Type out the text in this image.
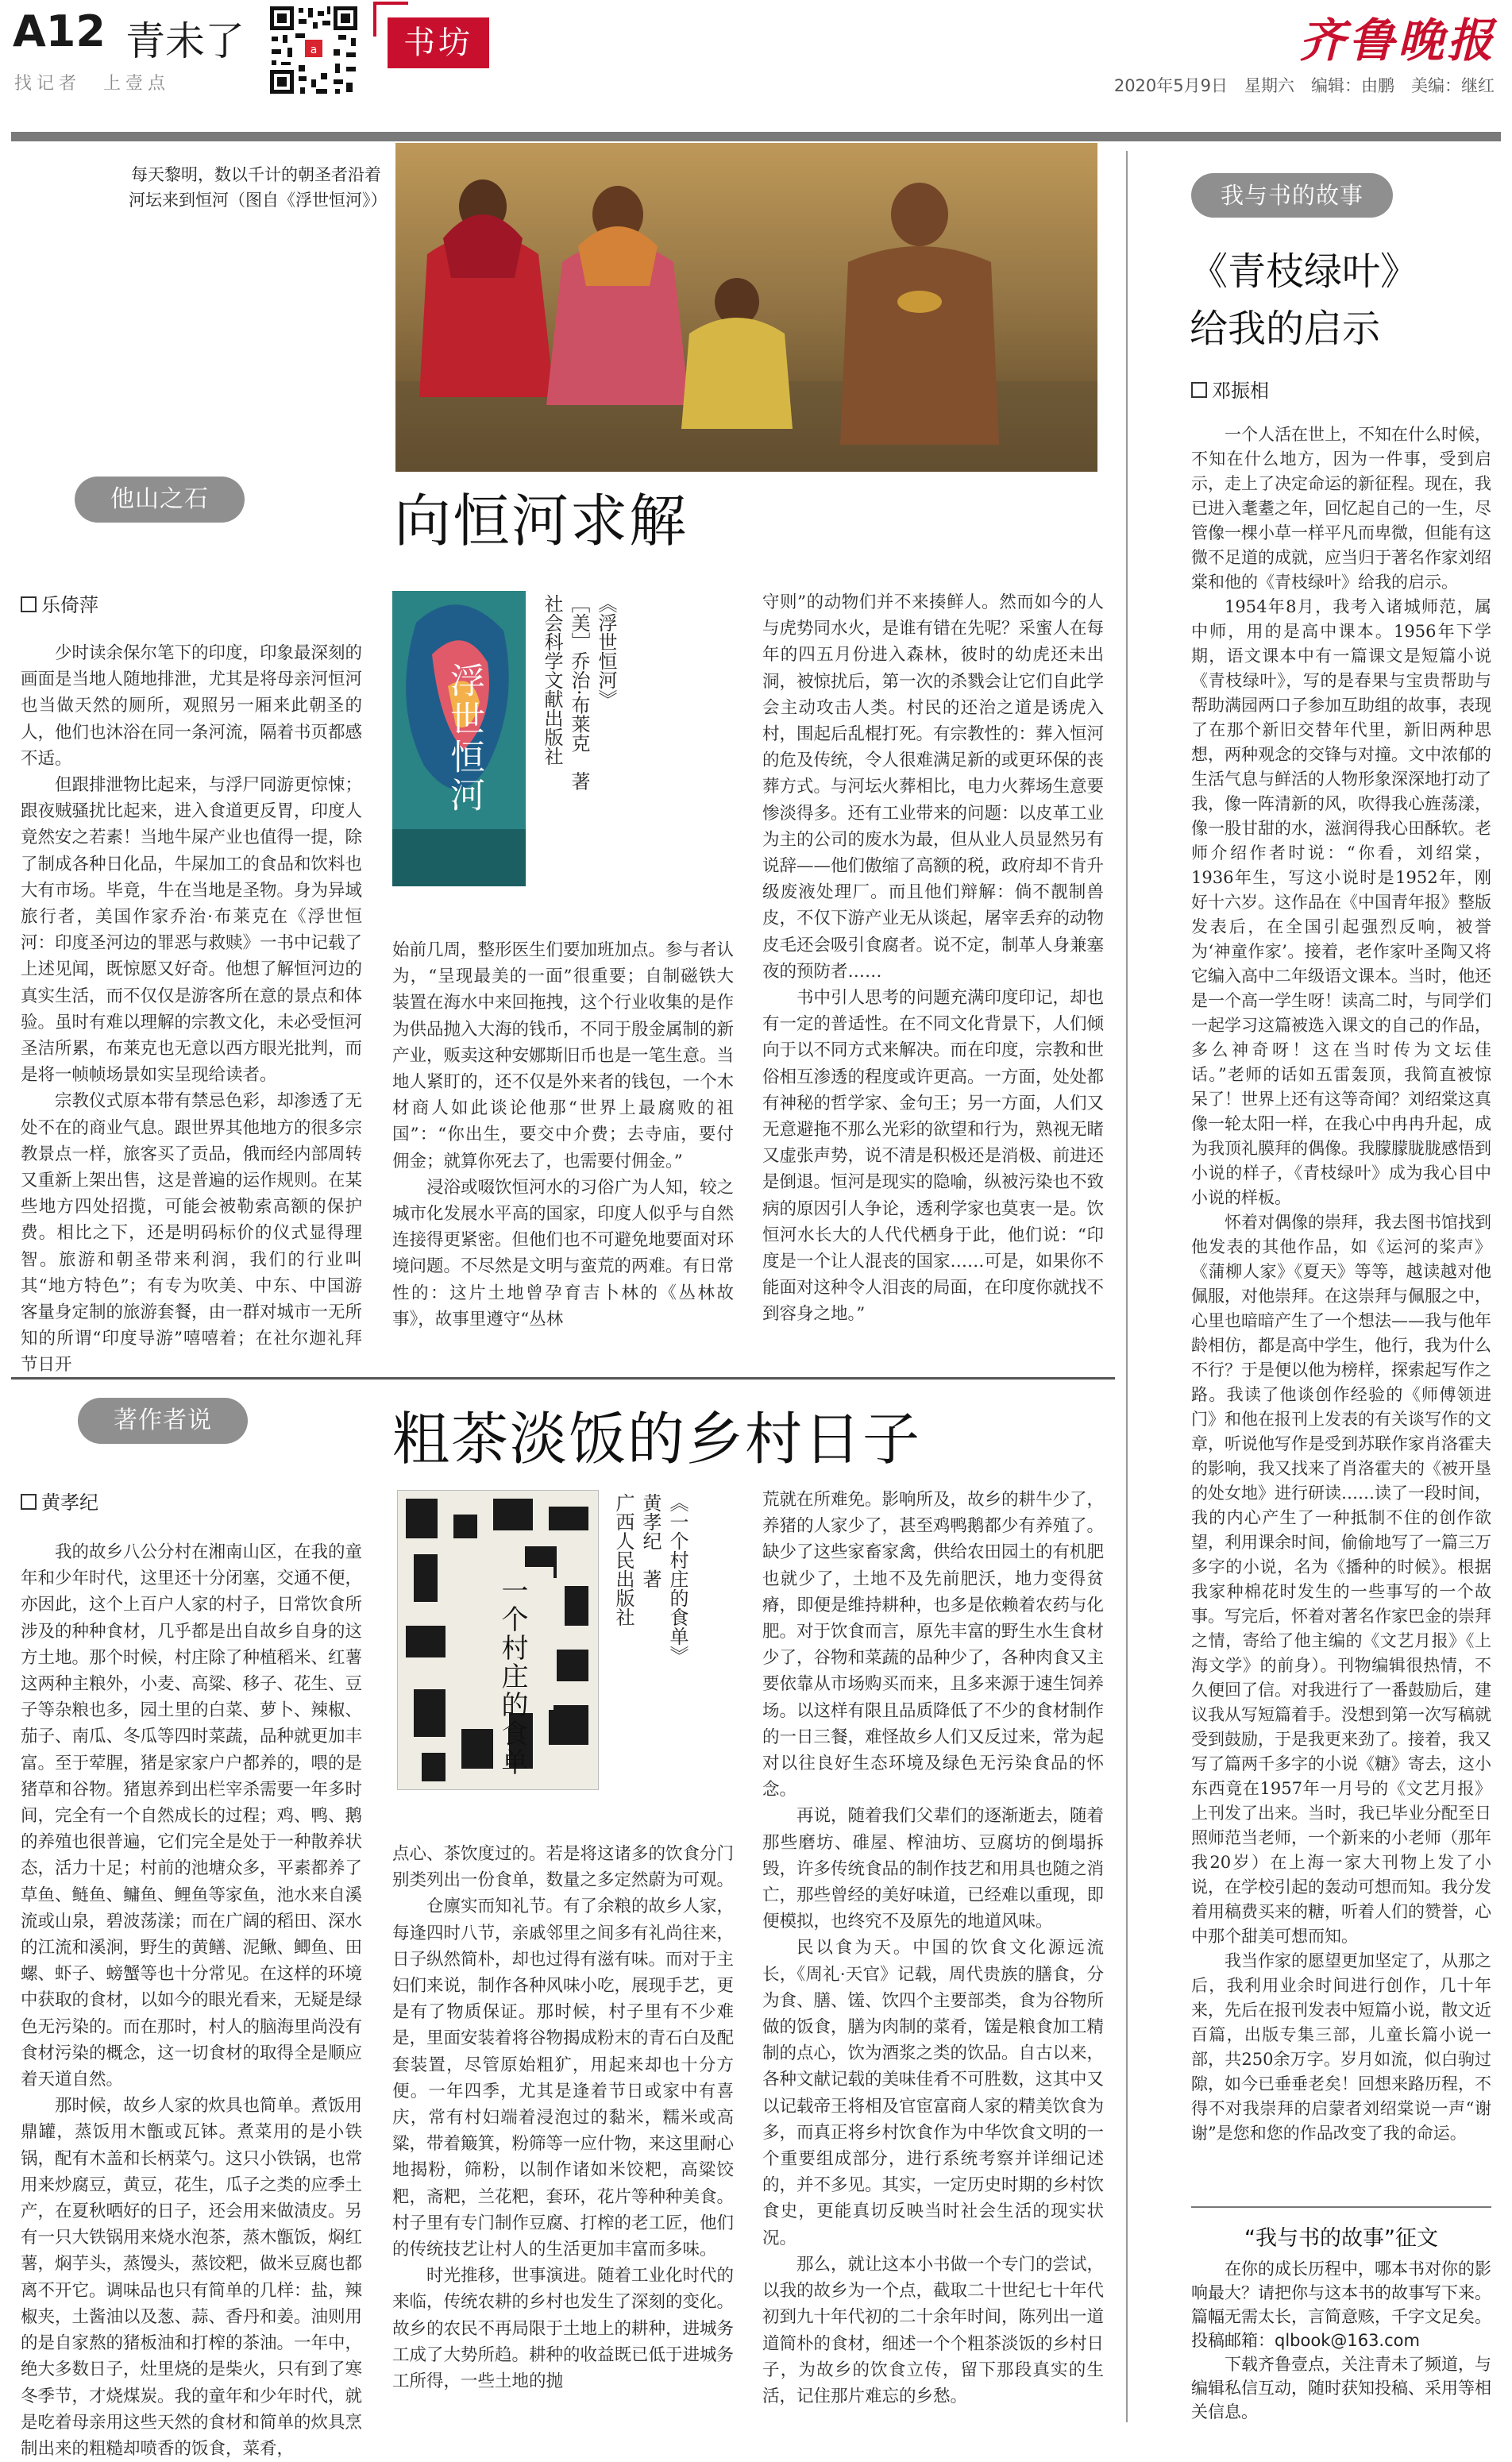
A12 青未了
找记者　上壹点
a	书坊	齐鲁晚报
2020年5月9日　星期六　编辑：由鹏　美编：继红
每天黎明，数以千计的朝圣者沿着河坛来到恒河（图自《浮世恒河》）
他山之石	向恒河求解
乐倚萍
浮世恒河
《浮世恒河》
［美］乔治·布莱克　著
社会科学文献出版社

少时读余保尔笔下的印度，印象最深刻的画面是当地人随地排泄，尤其是将母亲河恒河也当做天然的厕所，观照另一厢来此朝圣的人，他们也沐浴在同一条河流，隔着书页都感不适。

但跟排泄物比起来，与浮尸同游更惊悚；跟夜贼骚扰比起来，进入食道更反胃，印度人竟然安之若素！当地牛屎产业也值得一提，除了制成各种日化品，牛屎加工的食品和饮料也大有市场。毕竟，牛在当地是圣物。身为异域旅行者，美国作家乔治·布莱克在《浮世恒河：印度圣河边的罪恶与救赎》一书中记载了上述见闻，既惊愿又好奇。他想了解恒河边的真实生活，而不仅仅是游客所在意的景点和体验。虽时有难以理解的宗教文化，未必受恒河圣洁所累，布莱克也无意以西方眼光批判，而是将一帧帧场景如实呈现给读者。

宗教仪式原本带有禁忌色彩，却渗透了无处不在的商业气息。跟世界其他地方的很多宗教景点一样，旅客买了贡品，俄而经内部周转又重新上架出售，这是普遍的运作规则。在某些地方四处招揽，可能会被勒索高额的保护费。相比之下，还是明码标价的仪式显得理智。旅游和朝圣带来利润，我们的行业叫其“地方特色”；有专为吹美、中东、中国游客量身定制的旅游套餐，由一群对城市一无所知的所谓“印度导游”嘻嘻着；在社尔迦礼拜节日开

始前几周，整形医生们要加班加点。参与者认为，“呈现最美的一面”很重要；自制磁铁大装置在海水中来回拖拽，这个行业收集的是作为供品抛入大海的钱币，不同于殷金属制的新产业，贩卖这种安娜斯旧币也是一笔生意。当地人紧盯的，还不仅是外来者的钱包，一个木材商人如此谈论他那“世界上最腐败的祖国”：“你出生，要交中介费；去寺庙，要付佣金；就算你死去了，也需要付佣金。”

浸浴或啜饮恒河水的习俗广为人知，较之城市化发展水平高的国家，印度人似乎与自然连接得更紧密。但他们也不可避免地要面对环境问题。不尽然是文明与蛮荒的两难。有日常性的：这片土地曾孕育吉卜林的《丛林故事》，故事里遵守“丛林

守则”的动物们并不来揍鲜人。然而如今的人与虎势同水火，是谁有错在先呢？采蜜人在每年的四五月份进入森林，彼时的幼虎还未出洞，被惊扰后，第一次的杀戮会让它们自此学会主动攻击人类。村民的还治之道是诱虎入村，围起后乱棍打死。有宗教性的：葬入恒河的危及传统，令人很难满足新的或更环保的丧葬方式。与河坛火葬相比，电力火葬场生意要惨淡得多。还有工业带来的问题：以皮革工业为主的公司的废水为最，但从业人员显然另有说辞——他们傲缩了高额的税，政府却不肯升级废液处理厂。而且他们辩解：倘不靓制兽皮，不仅下游产业无从谈起，屠宰丢弃的动物皮毛还会吸引食腐者。说不定，制革人身兼塞夜的预防者……

书中引人思考的问题充满印度印记，却也有一定的普适性。在不同文化背景下，人们倾向于以不同方式来解决。而在印度，宗教和世俗相互渗透的程度或许更高。一方面，处处都有神秘的哲学家、金句王；另一方面，人们又无意避拖不那么光彩的欲望和行为，熟视无睹又虚张声势，说不清是积极还是消极、前进还是倒退。恒河是现实的隐喻，纵被污染也不致病的原因引人争论，透利学家也莫衷一是。饮恒河水长大的人代代栖身于此，他们说：“印度是一个让人混丧的国家……可是，如果你不能面对这种令人泪丧的局面，在印度你就找不到容身之地。”

著作者说	粗茶淡饭的乡村日子
黄孝纪
一个村庄的食单	《一个村庄的食单》
黄孝纪　著
广西人民出版社

我的故乡八公分村在湘南山区，在我的童年和少年时代，这里还十分闭塞，交通不便，亦因此，这个上百户人家的村子，日常饮食所涉及的种种食材，几乎都是出自故乡自身的这方土地。那个时候，村庄除了种植稻米、红薯这两种主粮外，小麦、高粱、移子、花生、豆子等杂粮也多，园土里的白菜、萝卜、辣椒、茄子、南瓜、冬瓜等四时菜蔬，品种就更加丰富。至于荤腥，猪是家家户户都养的，喂的是猪草和谷物。猪崽养到出栏宰杀需要一年多时间，完全有一个自然成长的过程；鸡、鸭、鹅的养殖也很普遍，它们完全是处于一种散养状态，活力十足；村前的池塘众多，平素都养了草鱼、鲢鱼、鳙鱼、鲤鱼等家鱼，池水来自溪流或山泉，碧波荡漾；而在广阔的稻田、深水的江流和溪涧，野生的黄鳝、泥鳅、鲫鱼、田螺、虾子、螃蟹等也十分常见。在这样的环境中获取的食材，以如今的眼光看来，无疑是绿色无污染的。而在那时，村人的脑海里尚没有食材污染的概念，这一切食材的取得全是顺应着天道自然。

那时候，故乡人家的炊具也简单。煮饭用鼎罐，蒸饭用木甑或瓦钵。煮菜用的是小铁锅，配有木盖和长柄菜勺。这只小铁锅，也常用来炒腐豆，黄豆，花生，瓜子之类的应季土产，在夏秋晒好的日子，还会用来做渍皮。另有一只大铁锅用来烧水泡茶，蒸木甑饭，焖红薯，焖芋头，蒸馒头，蒸饺粑，做米豆腐也都离不开它。调味品也只有简单的几样：盐，辣椒夹，土酱油以及葱、蒜、香丹和姜。油则用的是自家熬的猪板油和打榨的茶油。一年中，绝大多数日子，灶里烧的是柴火，只有到了寒冬季节，才烧煤炭。我的童年和少年时代，就是吃着母亲用这些天然的食材和简单的炊具烹制出来的粗糙却喷香的饭食，菜肴，

点心、茶饮度过的。若是将这诸多的饮食分门别类列出一份食单，数量之多定然蔚为可观。

仓廪实而知礼节。有了余粮的故乡人家，每逢四时八节，亲戚邻里之间多有礼尚往来，日子纵然简朴，却也过得有滋有味。而对于主妇们来说，制作各种风味小吃，展现手艺，更是有了物质保证。那时候，村子里有不少难是，里面安装着将谷物揭成粉末的青石白及配套装置，尽管原始粗犷，用起来却也十分方便。一年四季，尤其是逢着节日或家中有喜庆，常有村妇端着浸泡过的黏米，糯米或高粱，带着簸箕，粉筛等一应什物，来这里耐心地揭粉，筛粉，以制作诸如米饺粑，高粱饺粑，斋粑，兰花粑，套环，花片等种种美食。村子里有专门制作豆腐、打榨的老工匠，他们的传统技艺让村人的生活更加丰富而多味。

时光推移，世事演进。随着工业化时代的来临，传统农耕的乡村也发生了深刻的变化。故乡的农民不再局限于土地上的耕种，进城务工成了大势所趋。耕种的收益既已低于进城务工所得，一些土地的抛

荒就在所难免。影响所及，故乡的耕牛少了，养猪的人家少了，甚至鸡鸭鹅都少有养殖了。缺少了这些家畜家禽，供给农田园土的有机肥也就少了，土地不及先前肥沃，地力变得贫瘠，即便是维持耕种，也多是依赖着农药与化肥。对于饮食而言，原先丰富的野生水生食材少了，谷物和菜蔬的品种少了，各种肉食又主要依靠从市场购买而来，且多来源于速生饲养场。以这样有限且品质降低了不少的食材制作的一日三餐，难怪故乡人们又反过来，常为起对以往良好生态环境及绿色无污染食品的怀念。

再说，随着我们父辈们的逐渐逝去，随着那些磨坊、碓屋、榨油坊、豆腐坊的倒塌拆毁，许多传统食品的制作技艺和用具也随之消亡，那些曾经的美好味道，已经难以重现，即便模拟，也终究不及原先的地道风味。

民以食为天。中国的饮食文化源远流长，《周礼·天官》记载，周代贵族的膳食，分为食、膳、馐、饮四个主要部类，食为谷物所做的饭食，膳为肉制的菜肴，馐是粮食加工精制的点心，饮为酒浆之类的饮品。自古以来，各种文献记载的美味佳肴不可胜数，这其中又以记载帝王将相及官宦富商人家的精美饮食为多，而真正将乡村饮食作为中华饮食文明的一个重要组成部分，进行系统考察并详细记述的，并不多见。其实，一定历史时期的乡村饮食史，更能真切反映当时社会生活的现实状况。

那么，就让这本小书做一个专门的尝试，以我的故乡为一个点，截取二十世纪七十年代初到九十年代初的二十余年时间，陈列出一道道简朴的食材，细述一个个粗茶淡饭的乡村日子，为故乡的饮食立传，留下那段真实的生活，记住那片难忘的乡愁。

我与书的故事
《青枝绿叶》给我的启示
邓振相

一个人活在世上，不知在什么时候，不知在什么地方，因为一件事，受到启示，走上了决定命运的新征程。现在，我已进入耄耋之年，回忆起自己的一生，尽管像一棵小草一样平凡而卑微，但能有这微不足道的成就，应当归于著名作家刘绍棠和他的《青枝绿叶》给我的启示。

1954年8月，我考入诸城师范，属中师，用的是高中课本。1956年下学期，语文课本中有一篇课文是短篇小说《青枝绿叶》，写的是春果与宝贵帮助与帮助满园两口子参加互助组的故事，表现了在那个新旧交替年代里，新旧两种思想，两种观念的交锋与对撞。文中浓郁的生活气息与鲜活的人物形象深深地打动了我，像一阵清新的风，吹得我心旌荡漾，像一股甘甜的水，滋润得我心田酥软。老师介绍作者时说：“你看，刘绍棠，1936年生，写这小说时是1952年，刚好十六岁。这作品在《中国青年报》整版发表后，在全国引起强烈反响，被誉为‘神童作家’。接着，老作家叶圣陶又将它编入高中二年级语文课本。当时，他还是一个高一学生呀！读高二时，与同学们一起学习这篇被选入课文的自己的作品，多么神奇呀！这在当时传为文坛佳话。”老师的话如五雷轰顶，我简直被惊呆了！世界上还有这等奇闻？刘绍棠这真像一轮太阳一样，在我心中冉冉升起，成为我顶礼膜拜的偶像。我朦朦胧胧感悟到小说的样子，《青枝绿叶》成为我心目中小说的样板。

怀着对偶像的崇拜，我去图书馆找到他发表的其他作品，如《运河的桨声》《蒲柳人家》《夏天》等等，越读越对他佩服，对他崇拜。在这崇拜与佩服之中，心里也暗暗产生了一个想法——我与他年龄相仿，都是高中学生，他行，我为什么不行？于是便以他为榜样，探索起写作之路。我读了他谈创作经验的《师傅领进门》和他在报刊上发表的有关谈写作的文章，听说他写作是受到苏联作家肖洛霍夫的影响，我又找来了肖洛霍夫的《被开垦的处女地》进行研读……读了一段时间，我的内心产生了一种抵制不住的创作欲望，利用课余时间，偷偷地写了一篇三万多字的小说，名为《播种的时候》。根据我家种棉花时发生的一些事写的一个故事。写完后，怀着对著名作家巴金的崇拜之情，寄给了他主编的《文艺月报》《上海文学》的前身）。刊物编辑很热情，不久便回了信。对我进行了一番鼓励后，建议我从写短篇着手。没想到第一次写稿就受到鼓励，于是我更来劲了。接着，我又写了篇两千多字的小说《糖》寄去，这小东西竟在1957年一月号的《文艺月报》上刊发了出来。当时，我已毕业分配至日照师范当老师，一个新来的小老师（那年我20岁）在上海一家大刊物上发了小说，在学校引起的轰动可想而知。我分发着用稿费买来的糖，听着人们的赞誉，心中那个甜美可想而知。

我当作家的愿望更加坚定了，从那之后，我利用业余时间进行创作，几十年来，先后在报刊发表中短篇小说，散文近百篇，出版专集三部，儿童长篇小说一部，共250余万字。岁月如流，似白驹过隙，如今已垂垂老矣！回想来路历程，不得不对我崇拜的启蒙者刘绍棠说一声“谢谢”是您和您的作品改变了我的命运。

“我与书的故事”征文
在你的成长历程中，哪本书对你的影响最大？请把你与这本书的故事写下来。篇幅无需太长，言简意赅，千字文足矣。投稿邮箱：qlbook@163.com
下载齐鲁壹点，关注青未了频道，与编辑私信互动，随时获知投稿、采用等相关信息。
